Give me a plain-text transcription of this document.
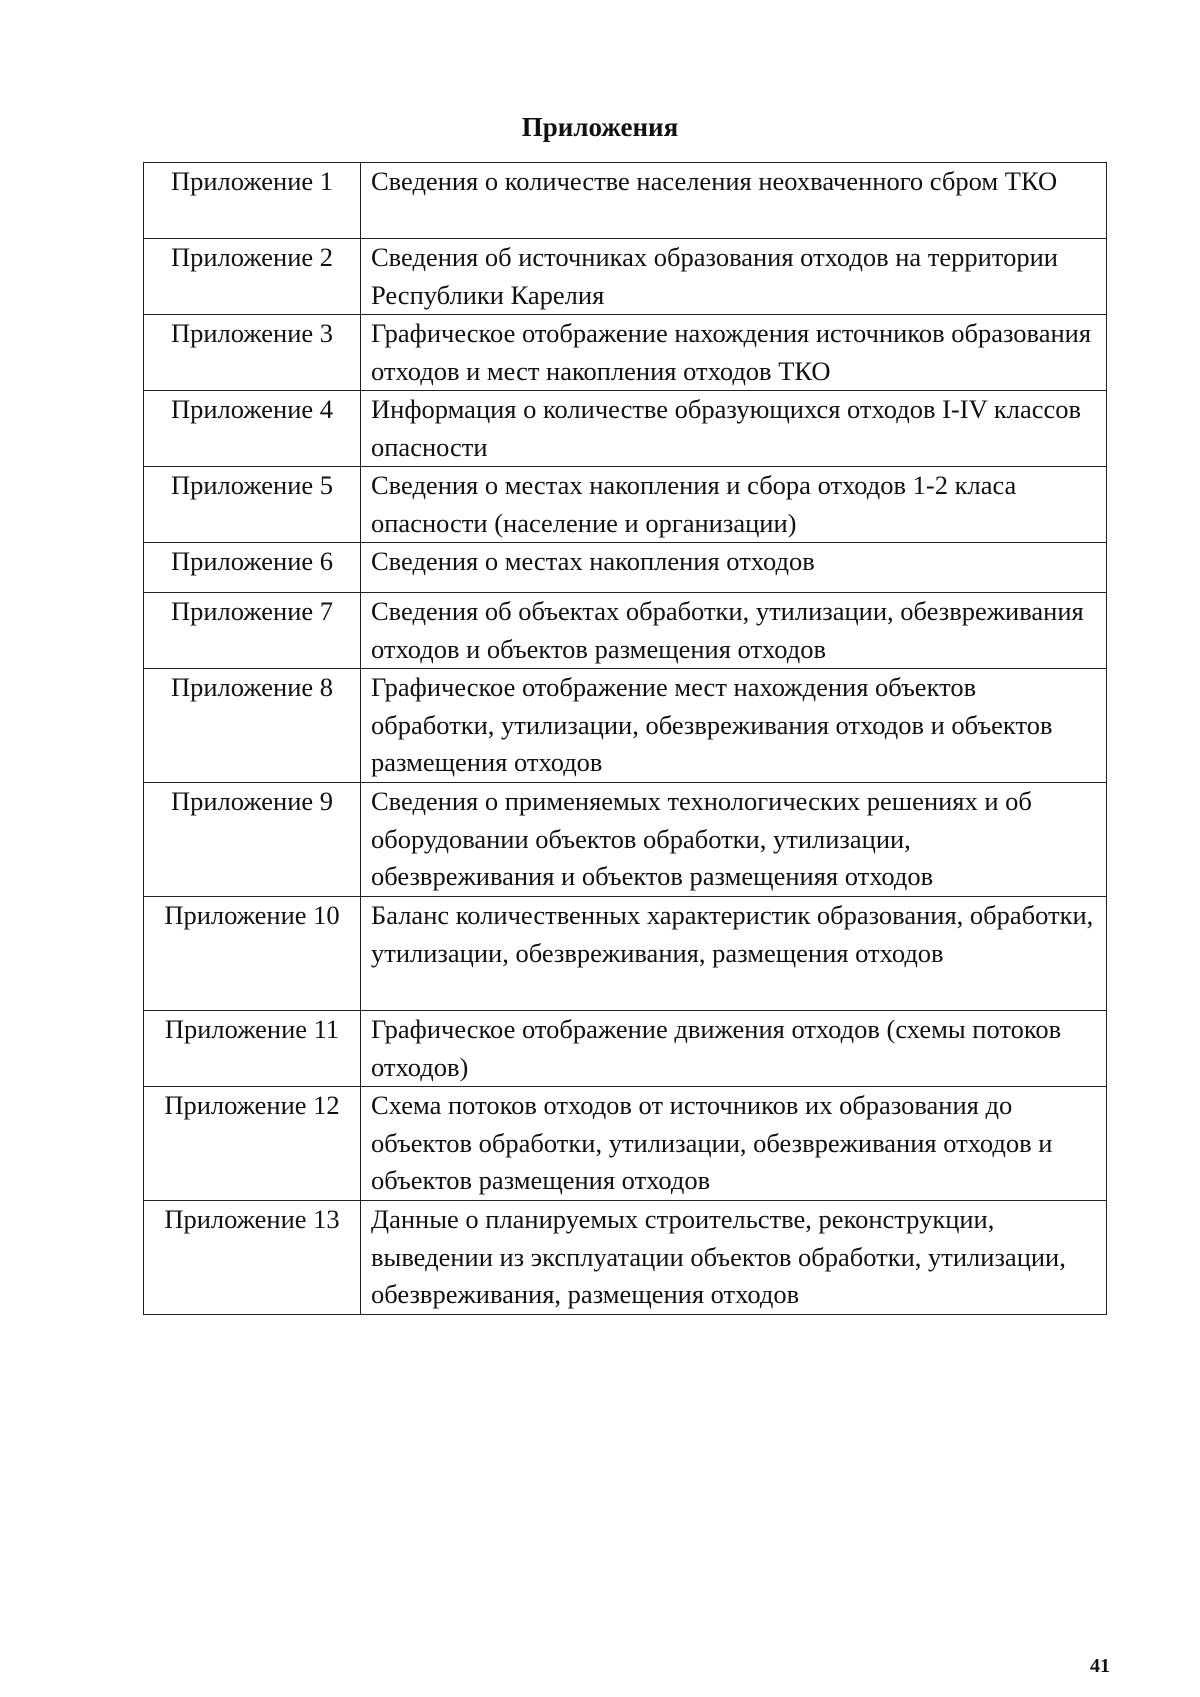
Приложения
Приложение 1	Сведения о количестве населения неохваченного сбром ТКО
Приложение 2	Сведения об источниках образования отходов на территории Республики Карелия
Приложение 3	Графическое отображение нахождения источников образования отходов и мест накопления отходов ТКО
Приложение 4	Информация о количестве образующихся отходов I-IV классов опасности
Приложение 5	Сведения о местах накопления и сбора отходов 1-2 класа опасности (население и организации)
Приложение 6	Сведения о местах накопления отходов
Приложение 7	Сведения об объектах обработки, утилизации, обезвреживания отходов и объектов размещения отходов
Приложение 8	Графическое отображение мест нахождения объектов обработки, утилизации, обезвреживания отходов и объектов размещения отходов
Приложение 9	Сведения о применяемых технологических решениях и об оборудовании объектов обработки, утилизации, обезвреживания и объектов размещенияя отходов
Приложение 10	Баланс количественных характеристик образования, обработки, утилизации, обезвреживания, размещения отходов
Приложение 11	Графическое отображение движения отходов (схемы потоков отходов)
Приложение 12	Схема потоков отходов от источников их образования до объектов обработки, утилизации, обезвреживания отходов и объектов размещения отходов
Приложение 13	Данные о планируемых строительстве, реконструкции, выведении из эксплуатации объектов обработки, утилизации, обезвреживания, размещения отходов
41
